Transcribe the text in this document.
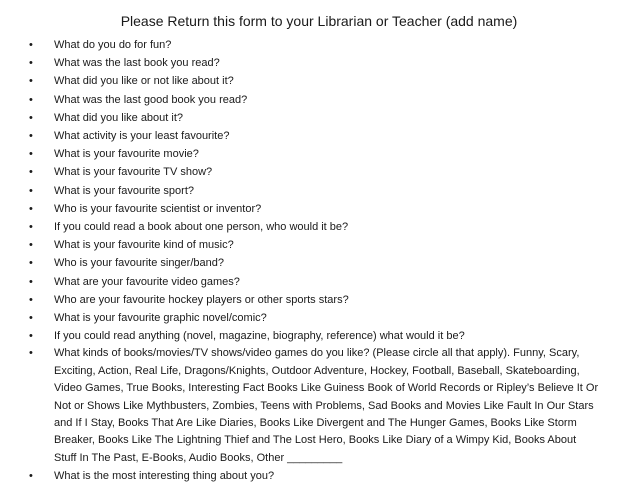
Please Return this form to your Librarian or Teacher (add name)
• What do you do for fun?
• What was the last book you read?
• What did you like or not like about it?
• What was the last good book you read?
• What did you like about it?
• What activity is your least favourite?
• What is your favourite movie?
• What is your favourite TV show?
• What is your favourite sport?
• Who is your favourite scientist or inventor?
• If you could read a book about one person, who would it be?
• What is your favourite kind of music?
• Who is your favourite singer/band?
• What are your favourite video games?
• Who are your favourite hockey players or other sports stars?
• What is your favourite graphic novel/comic?
• If you could read anything (novel, magazine, biography, reference) what would it be?
• What kinds of books/movies/TV shows/video games do you like? (Please circle all that apply). Funny, Scary, Exciting, Action, Real Life, Dragons/Knights, Outdoor Adventure, Hockey, Football, Baseball, Skateboarding, Video Games, True Books, Interesting Fact Books Like Guiness Book of World Records or Ripley’s Believe It Or Not or Shows Like Mythbusters, Zombies, Teens with Problems, Sad Books and Movies Like Fault In Our Stars and If I Stay, Books That Are Like Diaries, Books Like Divergent and The Hunger Games, Books Like Storm Breaker, Books Like The Lightning Thief and The Lost Hero, Books Like Diary of a Wimpy Kid, Books About Stuff In The Past, E-Books, Audio Books, Other _________
• What is the most interesting thing about you?
